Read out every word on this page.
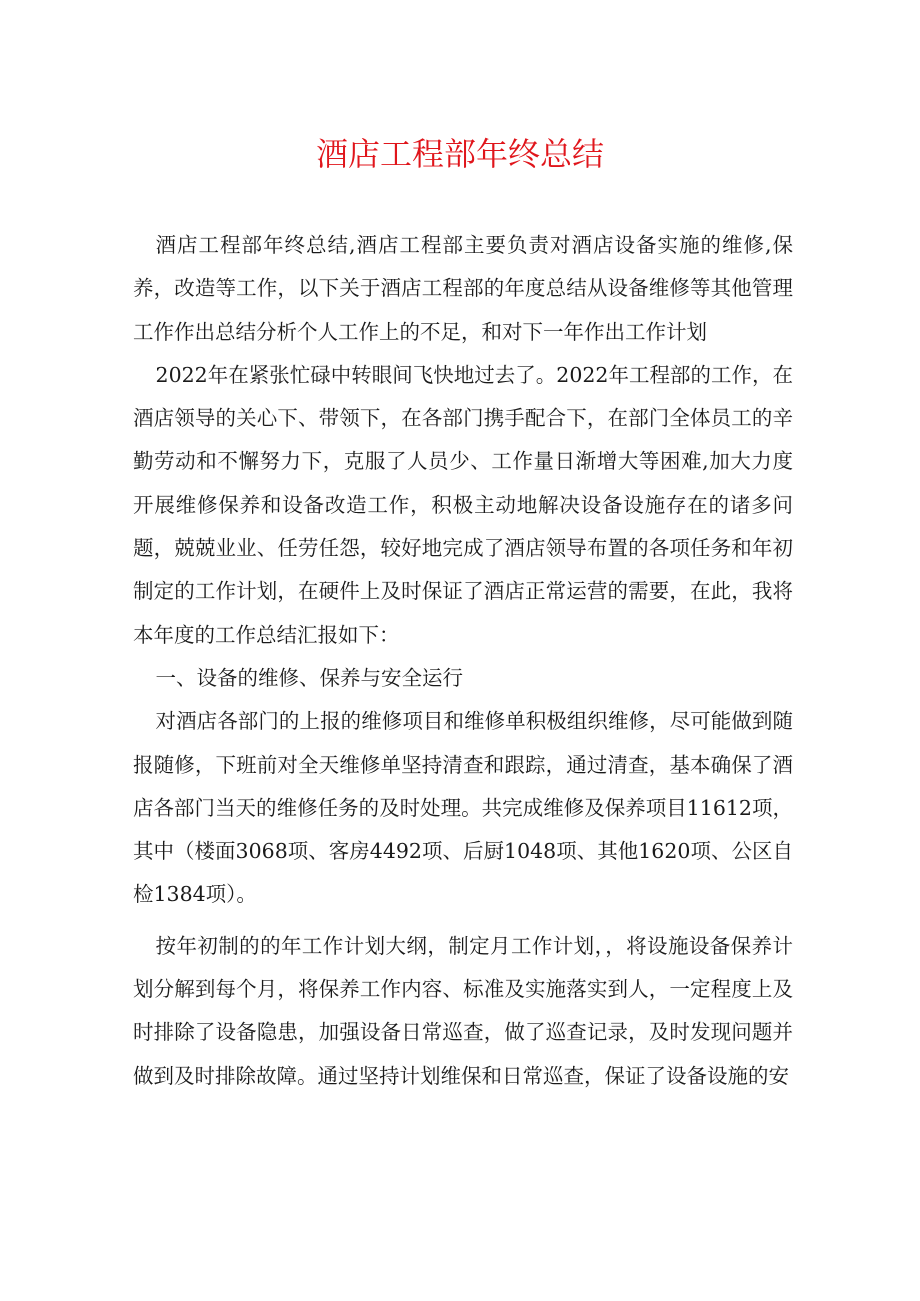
酒店工程部年终总结

酒店工程部年终总结,酒店工程部主要负责对酒店设备实施的维修,保养，改造等工作，以下关于酒店工程部的年度总结从设备维修等其他管理工作作出总结分析个人工作上的不足，和对下一年作出工作计划

2022年在紧张忙碌中转眼间飞快地过去了。2022年工程部的工作，在酒店领导的关心下、带领下，在各部门携手配合下，在部门全体员工的辛勤劳动和不懈努力下，克服了人员少、工作量日渐增大等困难,加大力度开展维修保养和设备改造工作，积极主动地解决设备设施存在的诸多问题，兢兢业业、任劳任怨，较好地完成了酒店领导布置的各项任务和年初制定的工作计划，在硬件上及时保证了酒店正常运营的需要，在此，我将本年度的工作总结汇报如下：

一、设备的维修、保养与安全运行

对酒店各部门的上报的维修项目和维修单积极组织维修，尽可能做到随报随修，下班前对全天维修单坚持清查和跟踪，通过清查，基本确保了酒店各部门当天的维修任务的及时处理。共完成维修及保养项目11612项，其中（楼面3068项、客房4492项、后厨1048项、其他1620项、公区自检1384项）。

按年初制的的年工作计划大纲，制定月工作计划，，将设施设备保养计划分解到每个月，将保养工作内容、标准及实施落实到人，一定程度上及时排除了设备隐患，加强设备日常巡查，做了巡查记录，及时发现问题并做到及时排除故障。通过坚持计划维保和日常巡查，保证了设备设施的安
